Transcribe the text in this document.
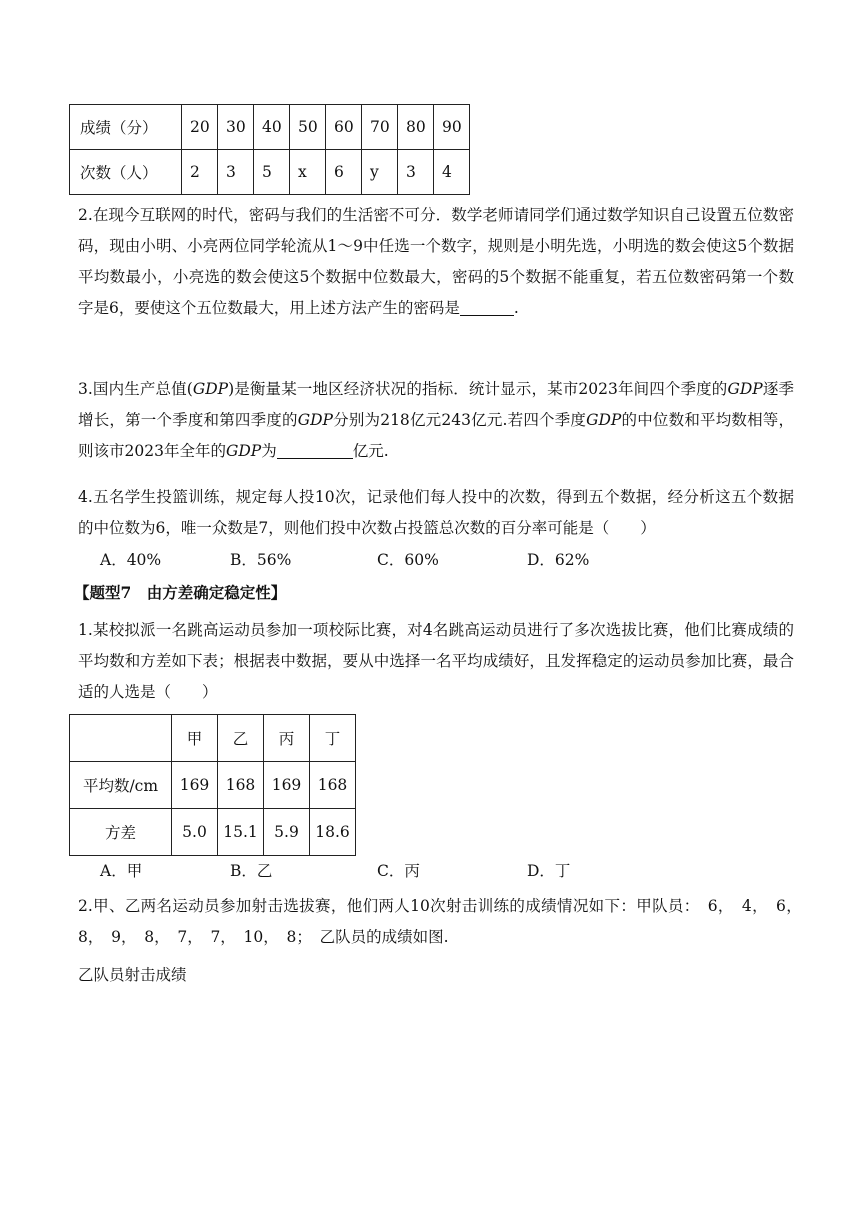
成绩（分）	20	30	40	50	60	70	80	90
次数（人）	2	3	5	x	6	y	3	4

2.在现今互联网的时代，密码与我们的生活密不可分．数学老师请同学们通过数学知识自己设置五位数密码，现由小明、小亮两位同学轮流从1～9中任选一个数字，规则是小明先选，小明选的数会使这5个数据平均数最小，小亮选的数会使这5个数据中位数最大，密码的5个数据不能重复，若五位数密码第一个数字是6，要使这个五位数最大，用上述方法产生的密码是	.

3.国内生产总值(GDP)是衡量某一地区经济状况的指标．统计显示，某市2023年间四个季度的GDP逐季增长，第一个季度和第四季度的GDP分别为218亿元243亿元.若四个季度GDP的中位数和平均数相等，则该市2023年全年的GDP为	亿元.

4.五名学生投篮训练，规定每人投10次，记录他们每人投中的次数，得到五个数据，经分析这五个数据的中位数为6，唯一众数是7，则他们投中次数占投篮总次数的百分率可能是（　　）

A．40%	B．56%	C．60%	D．62%
【题型7　由方差确定稳定性】

1.某校拟派一名跳高运动员参加一项校际比赛，对4名跳高运动员进行了多次选拔比赛，他们比赛成绩的平均数和方差如下表；根据表中数据，要从中选择一名平均成绩好，且发挥稳定的运动员参加比赛，最合适的人选是（　　）

	甲	乙	丙	丁
平均数/cm	169	168	169	168
方差	5.0	15.1	5.9	18.6
A．甲	B．乙	C．丙	D．丁

2.甲、乙两名运动员参加射击选拔赛，他们两人10次射击训练的成绩情况如下：甲队员：　6，　4，　6，　8，　9，　8，　7，　7，　10，　8；　乙队员的成绩如图.

乙队员射击成绩
